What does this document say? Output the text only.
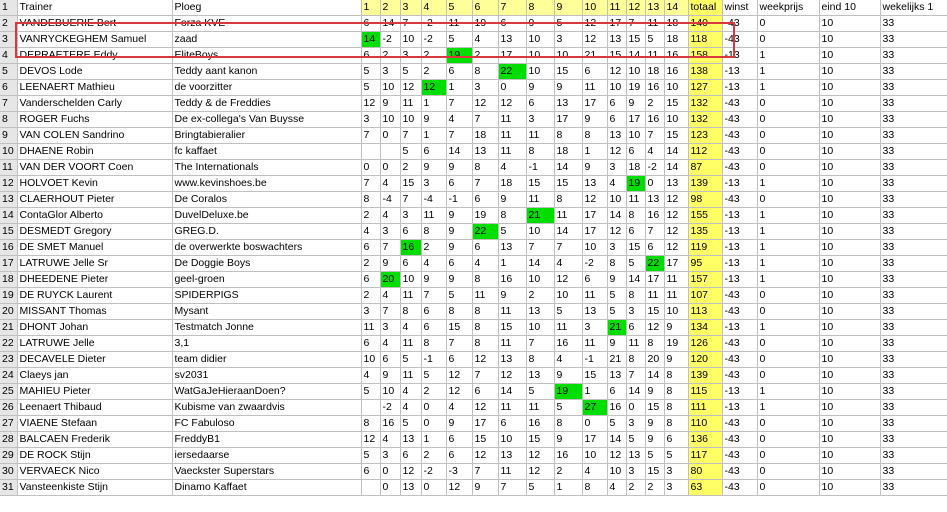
1	Trainer	Ploeg	1	2	3	4	5	6	7	8	9	10	11	12	13	14	totaal	winst	weekprijs	eind 10	wekelijks 1
2	VANDEBUERIE Bert	Forza KVE	6	14	7	-2	11	19	6	9	5	12	17	7	11	18	140	-43	0	10	33
3	VANRYCKEGHEM Samuel	zaad	14	-2	10	-2	5	4	13	10	3	12	13	15	5	18	118	-43	0	10	33
4	DEPRAETERE Eddy	EliteBoys	6	2	3	2	19	2	17	10	10	21	15	14	11	16	158	-13	1	10	33
5	DEVOS Lode	Teddy aant kanon	5	3	5	2	6	8	22	10	15	6	12	10	18	16	138	-13	1	10	33
6	LEENAERT Mathieu	de voorzitter	5	10	12	12	1	3	0	9	9	11	10	19	16	10	127	-13	1	10	33
7	Vanderschelden Carly	Teddy & de Freddies	12	9	11	1	7	12	12	6	13	17	6	9	2	15	132	-43	0	10	33
8	ROGER Fuchs	De ex-collega's Van Buysse	3	10	10	9	4	7	11	3	17	9	6	17	16	10	132	-43	0	10	33
9	VAN COLEN Sandrino	Bringtabieralier	7	0	7	1	7	18	11	11	8	8	13	10	7	15	123	-43	0	10	33
10	DHAENE Robin	fc kaffaet			5	6	14	13	11	8	18	1	12	6	4	14	112	-43	0	10	33
11	VAN DER VOORT Coen	The Internationals	0	0	2	9	9	8	4	-1	14	9	3	18	-2	14	87	-43	0	10	33
12	HOLVOET Kevin	www.kevinshoes.be	7	4	15	3	6	7	18	15	15	13	4	19	0	13	139	-13	1	10	33
13	CLAERHOUT Pieter	De Coralos	8	-4	7	-4	-1	6	9	11	8	12	10	11	13	12	98	-43	0	10	33
14	ContaGlor Alberto	DuvelDeluxe.be	2	4	3	11	9	19	8	21	11	17	14	8	16	12	155	-13	1	10	33
15	DESMEDT Gregory	GREG.D.	4	3	6	8	9	22	5	10	14	17	12	6	7	12	135	-13	1	10	33
16	DE SMET Manuel	de overwerkte boswachters	6	7	16	2	9	6	13	7	7	10	3	15	6	12	119	-13	1	10	33
17	LATRUWE Jelle Sr	De Doggie Boys	2	9	6	4	6	4	1	14	4	-2	8	5	22	17	95	-13	1	10	33
18	DHEEDENE Pieter	geel-groen	6	20	10	9	9	8	16	10	12	6	9	14	17	11	157	-13	1	10	33
19	DE RUYCK Laurent	SPIDERPIGS	2	4	11	7	5	11	9	2	10	11	5	8	11	11	107	-43	0	10	33
20	MISSANT Thomas	Mysant	3	7	8	6	8	8	11	13	5	13	5	3	15	10	113	-43	0	10	33
21	DHONT Johan	Testmatch Jonne	11	3	4	6	15	8	15	10	11	3	21	6	12	9	134	-13	1	10	33
22	LATRUWE Jelle	3,1	6	4	11	8	7	8	11	7	16	11	9	11	8	19	126	-43	0	10	33
23	DECAVELE Dieter	team didier	10	6	5	-1	6	12	13	8	4	-1	21	8	20	9	120	-43	0	10	33
24	Claeys jan	sv2031	4	9	11	5	12	7	12	13	9	15	13	7	14	8	139	-43	0	10	33
25	MAHIEU Pieter	WatGaJeHieraanDoen?	5	10	4	2	12	6	14	5	19	1	6	14	9	8	115	-13	1	10	33
26	Leenaert Thibaud	Kubisme van zwaardvis		-2	4	0	4	12	11	11	5	27	16	0	15	8	111	-13	1	10	33
27	VIAENE Stefaan	FC Fabuloso	8	16	5	0	9	17	6	16	8	0	5	3	9	8	110	-43	0	10	33
28	BALCAEN Frederik	FreddyB1	12	4	13	1	6	15	10	15	9	17	14	5	9	6	136	-43	0	10	33
29	DE ROCK Stijn	iersedaarse	5	3	6	2	6	12	13	12	16	10	12	13	5	5	117	-43	0	10	33
30	VERVAECK Nico	Vaeckster Superstars	6	0	12	-2	-3	7	11	12	2	4	10	3	15	3	80	-43	0	10	33
31	Vansteenkiste Stijn	Dinamo Kaffaet		0	13	0	12	9	7	5	1	8	4	2	2	3	63	-43	0	10	33
